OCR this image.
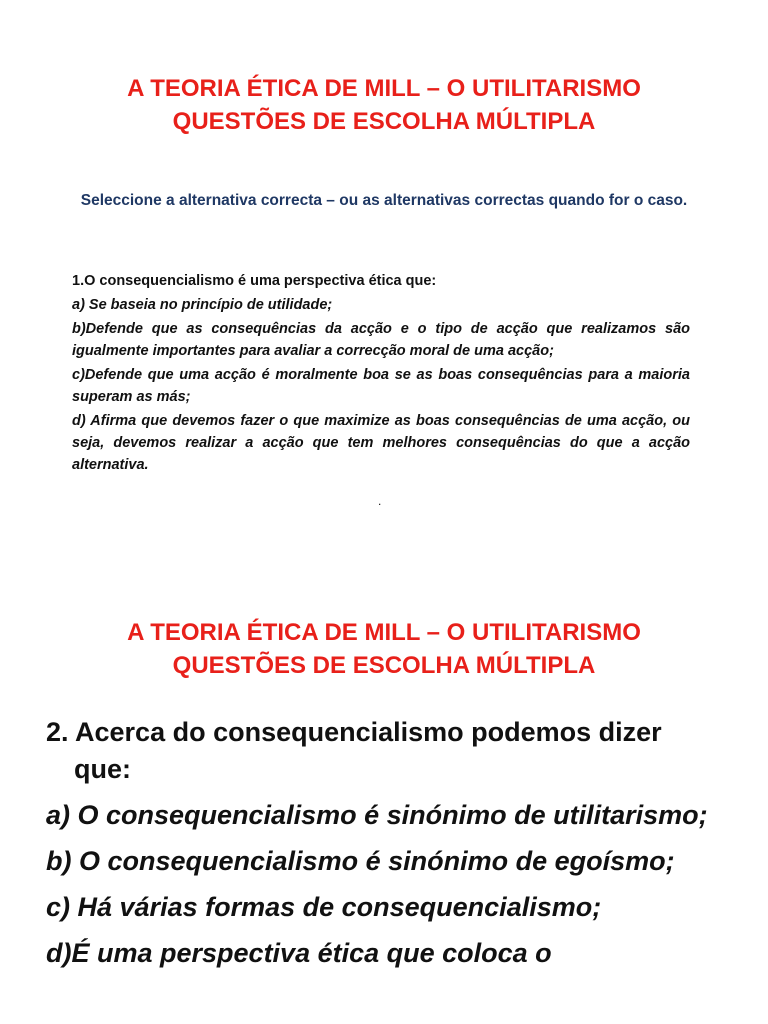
A TEORIA ÉTICA DE MILL – O UTILITARISMO
QUESTÕES DE ESCOLHA MÚLTIPLA
Seleccione a alternativa correcta – ou as alternativas correctas quando for o caso.
1.O consequencialismo é uma perspectiva ética que:
a) Se baseia no princípio de utilidade;
b)Defende que as consequências da acção e o tipo de acção que realizamos são igualmente importantes para avaliar a correcção moral de uma acção;
c)Defende que uma acção é moralmente boa se as boas consequências para a maioria superam as más;
d) Afirma que devemos fazer o que maximize as boas consequências de uma acção, ou seja, devemos realizar a acção que tem melhores consequências do que a acção alternativa.
.
A TEORIA ÉTICA DE MILL – O UTILITARISMO
QUESTÕES DE ESCOLHA MÚLTIPLA
2. Acerca do consequencialismo podemos dizer que:
a) O consequencialismo é sinónimo de utilitarismo;
b) O consequencialismo é sinónimo de egoísmo;
c) Há várias formas de consequencialismo;
d)É uma perspectiva ética que coloca o
